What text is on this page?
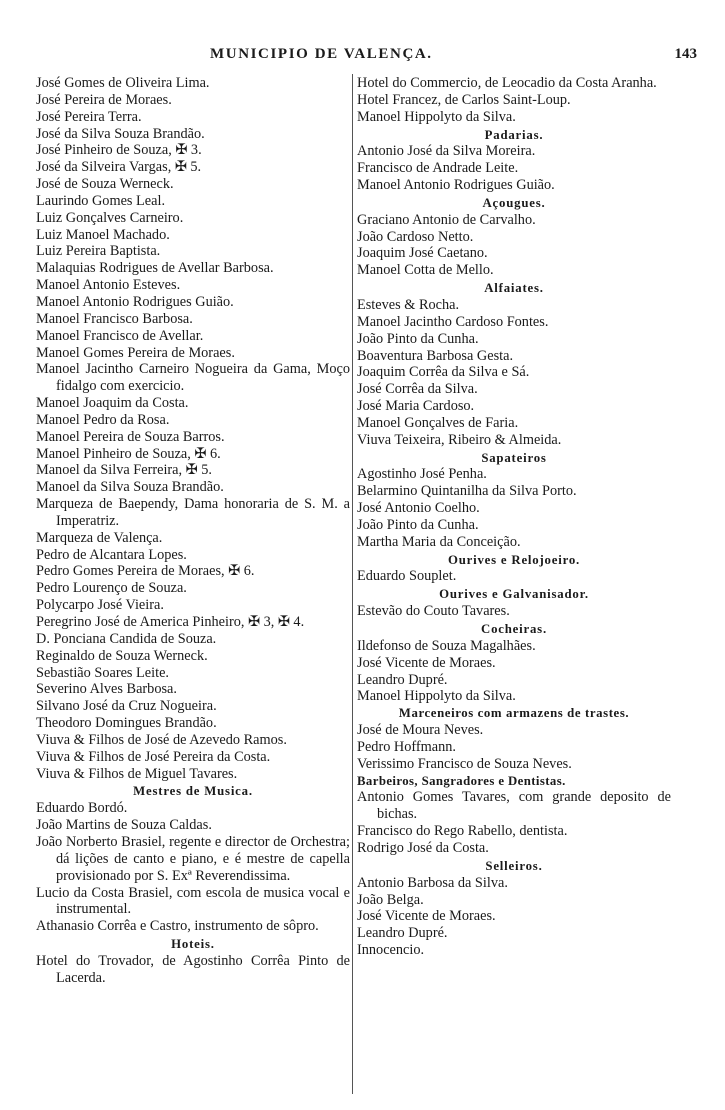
MUNICIPIO DE VALENÇA.	143
José Gomes de Oliveira Lima.
José Pereira de Moraes.
José Pereira Terra.
José da Silva Souza Brandão.
José Pinheiro de Souza, ✠ 3.
José da Silveira Vargas, ✠ 5.
José de Souza Werneck.
Laurindo Gomes Leal.
Luiz Gonçalves Carneiro.
Luiz Manoel Machado.
Luiz Pereira Baptista.
Malaquias Rodrigues de Avellar Barbosa.
Manoel Antonio Esteves.
Manoel Antonio Rodrigues Guião.
Manoel Francisco Barbosa.
Manoel Francisco de Avellar.
Manoel Gomes Pereira de Moraes.
Manoel Jacintho Carneiro Nogueira da Gama, Moço fidalgo com exercicio.
Manoel Joaquim da Costa.
Manoel Pedro da Rosa.
Manoel Pereira de Souza Barros.
Manoel Pinheiro de Souza, ✠ 6.
Manoel da Silva Ferreira, ✠ 5.
Manoel da Silva Souza Brandão.
Marqueza de Baependy, Dama honoraria de S. M. a Imperatriz.
Marqueza de Valença.
Pedro de Alcantara Lopes.
Pedro Gomes Pereira de Moraes, ✠ 6.
Pedro Lourenço de Souza.
Polycarpo José Vieira.
Peregrino José de America Pinheiro, ✠ 3, ✠ 4.
D. Ponciana Candida de Souza.
Reginaldo de Souza Werneck.
Sebastião Soares Leite.
Severino Alves Barbosa.
Silvano José da Cruz Nogueira.
Theodoro Domingues Brandão.
Viuva & Filhos de José de Azevedo Ramos.
Viuva & Filhos de José Pereira da Costa.
Viuva & Filhos de Miguel Tavares.
Mestres de Musica.
Eduardo Bordó.
João Martins de Souza Caldas.
João Norberto Brasiel, regente e director de Orchestra; dá lições de canto e piano, e é mestre de capella provisionado por S. Exª Reverendissima.
Lucio da Costa Brasiel, com escola de musica vocal e instrumental.
Athanasio Corrêa e Castro, instrumento de sôpro.
Hoteis.
Hotel do Trovador, de Agostinho Corrêa Pinto de Lacerda.
Hotel do Commercio, de Leocadio da Costa Aranha.
Hotel Francez, de Carlos Saint-Loup.
Manoel Hippolyto da Silva.
Padarias.
Antonio José da Silva Moreira.
Francisco de Andrade Leite.
Manoel Antonio Rodrigues Guião.
Açougues.
Graciano Antonio de Carvalho.
João Cardoso Netto.
Joaquim José Caetano.
Manoel Cotta de Mello.
Alfaiates.
Esteves & Rocha.
Manoel Jacintho Cardoso Fontes.
João Pinto da Cunha.
Boaventura Barbosa Gesta.
Joaquim Corrêa da Silva e Sá.
José Corrêa da Silva.
José Maria Cardoso.
Manoel Gonçalves de Faria.
Viuva Teixeira, Ribeiro & Almeida.
Sapateiros
Agostinho José Penha.
Belarmino Quintanilha da Silva Porto.
José Antonio Coelho.
João Pinto da Cunha.
Martha Maria da Conceição.
Ourives e Relojoeiro.
Eduardo Souplet.
Ourives e Galvanisador.
Estevão do Couto Tavares.
Cocheiras.
Ildefonso de Souza Magalhães.
José Vicente de Moraes.
Leandro Dupré.
Manoel Hippolyto da Silva.
Marceneiros com armazens de trastes.
José de Moura Neves.
Pedro Hoffmann.
Verissimo Francisco de Souza Neves.
Barbeiros, Sangradores e Dentistas.
Antonio Gomes Tavares, com grande deposito de bichas.
Francisco do Rego Rabello, dentista.
Rodrigo José da Costa.
Selleiros.
Antonio Barbosa da Silva.
João Belga.
José Vicente de Moraes.
Leandro Dupré.
Innocencio.
